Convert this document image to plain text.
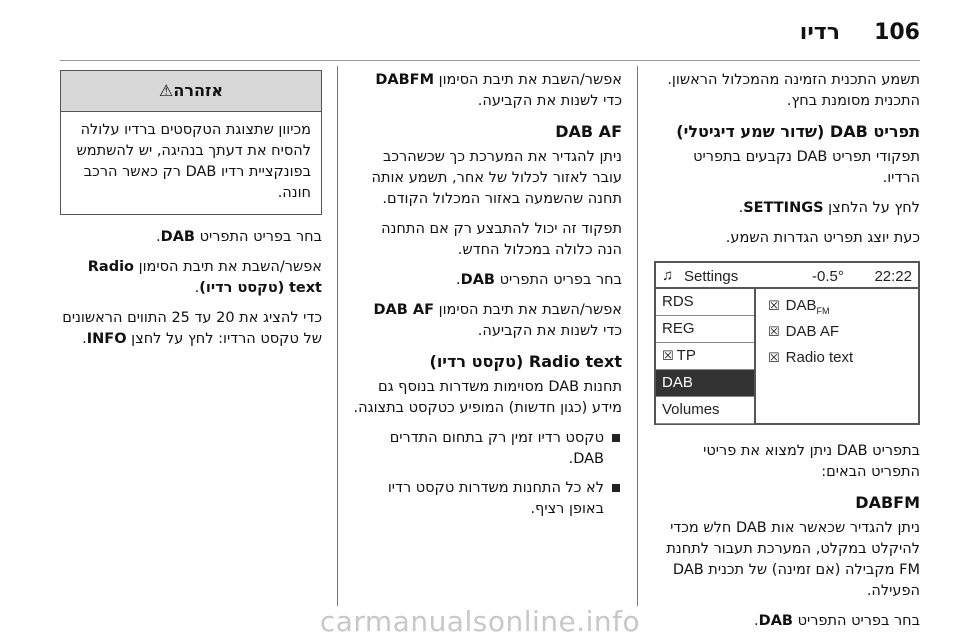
106
רדיו

תשמע התכנית הזמינה מהמכלול הראשון. התכנית מסומנת בחץ.

תפריט DAB (שדור שמע דיגיטלי)

תפקודי תפריט DAB נקבעים בתפריט הרדיו.

לחץ על הלחצן SETTINGS.

כעת יוצג תפריט הגדרות השמע.

♫ Settings	-0.5° 22:22
RDS
REG
☒ TP
DAB
Volumes
☒ $DAB_{FM}$
☒ DAB AF
☒ Radio text

בתפריט DAB ניתן למצוא את פריטי התפריט הבאים:

DABFM

ניתן להגדיר שכאשר אות DAB חלש מכדי להיקלט במקלט, המערכת תעבור לתחנת FM מקבילה (אם זמינה) של תכנית DAB הפעילה.

בחר בפריט התפריט DAB.

אפשר/השבת את תיבת הסימון DABFM כדי לשנות את הקביעה.

DAB AF

ניתן להגדיר את המערכת כך שכשהרכב עובר לאזור לכלול של אחר, תשמע אותה תחנה שהשמעה באזור המכלול הקודם.

תפקוד זה יכול להתבצע רק אם התחנה הנה כלולה במכלול החדש.

בחר בפריט התפריט DAB.

אפשר/השבת את תיבת הסימון DAB AF כדי לשנות את הקביעה.

Radio text (טקסט רדיו)

תחנות DAB מסוימות משדרות בנוסף גם מידע (כגון חדשות) המופיע כטקסט בתצוגה.

טקסט רדיו זמין רק בתחום התדרים DAB.
לא כל התחנות משדרות טקסט רדיו באופן רציף.
אזהרה⚠
מכיוון שתצוגת הטקסטים ברדיו עלולה להסיח את דעתך בנהיגה, יש להשתמש בפונקציית רדיו DAB רק כאשר הרכב חונה.

בחר בפריט התפריט DAB.

אפשר/השבת את תיבת הסימון Radio text (טקסט רדיו).

כדי להציג את 20 עד 25 התווים הראשונים של טקסט הרדיו: לחץ על לחצן INFO.

carmanualsonline.info
